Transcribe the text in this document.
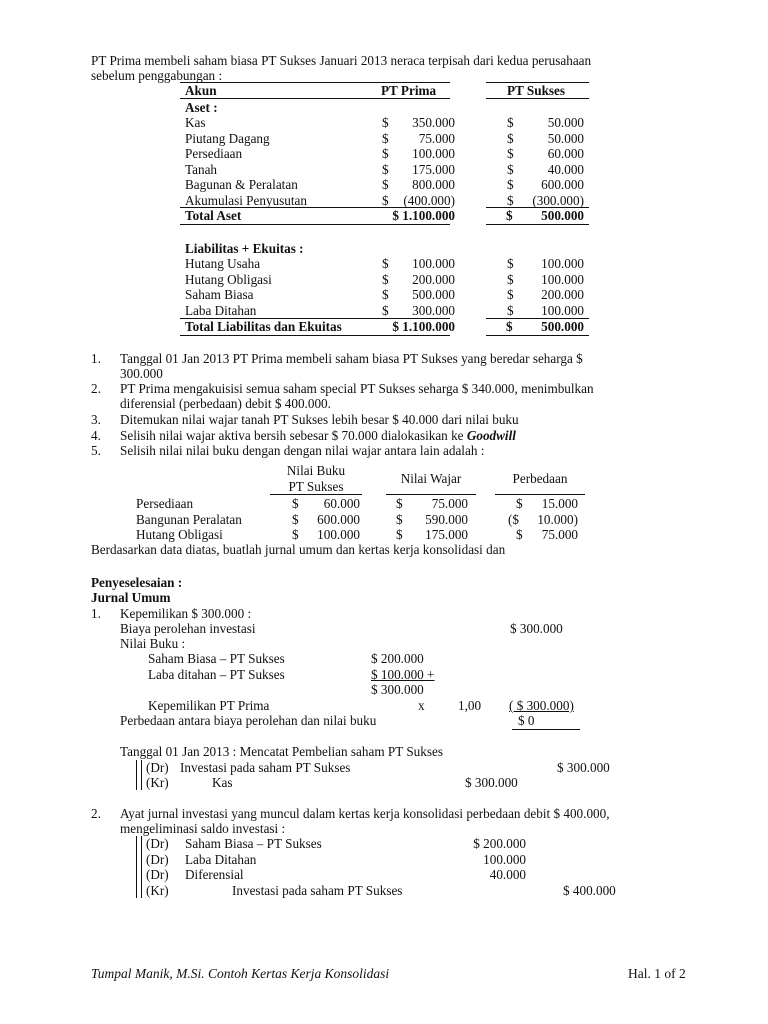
PT Prima membeli saham biasa PT Sukses Januari 2013 neraca terpisah dari kedua perusahaan
sebelum penggabungan :
Akun	PT Prima	PT Sukses
Aset :
Kas	$	350.000	$	50.000
Piutang Dagang	$	75.000	$	50.000
Persediaan	$	100.000	$	60.000
Tanah	$	175.000	$	40.000
Bagunan & Peralatan	$	800.000	$	600.000
Akumulasi Penyusutan	$	(400.000)	$	(300.000)
Total Aset	$ 1.100.000	$	500.000
Liabilitas + Ekuitas :
Hutang Usaha	$	100.000	$	100.000
Hutang Obligasi	$	200.000	$	100.000
Saham Biasa	$	500.000	$	200.000
Laba Ditahan	$	300.000	$	100.000
Total Liabilitas dan Ekuitas	$ 1.100.000	$	500.000
1. Tanggal 01 Jan 2013 PT Prima membeli saham biasa PT Sukses yang beredar seharga $
300.000
2. PT Prima mengakuisisi semua saham special PT Sukses seharga $ 340.000, menimbulkan
diferensial (perbedaan) debit $ 400.000.
3. Ditemukan nilai wajar tanah PT Sukses lebih besar $ 40.000 dari nilai buku
4. Selisih nilai wajar aktiva bersih sebesar $ 70.000 dialokasikan ke Goodwill
5. Selisih nilai nilai buku dengan dengan nilai wajar antara lain adalah :
Nilai Buku
PT Sukses
Nilai Wajar	Perbedaan
Persediaan	$	60.000	$	75.000	$	15.000
Bangunan Peralatan	$	600.000	$	590.000	($	10.000)
Hutang Obligasi	$	100.000	$	175.000	$	75.000
Berdasarkan data diatas, buatlah jurnal umum dan kertas kerja konsolidasi dan
Penyeselesaian :
Jurnal Umum
1. Kepemilikan $ 300.000 :
Biaya perolehan investasi	$ 300.000
Nilai Buku :
Saham Biasa – PT Sukses	$ 200.000
Laba ditahan – PT Sukses	$ 100.000 +
$ 300.000
Kepemilikan PT Prima	x	1,00 ( $ 300.000)
Perbedaan antara biaya perolehan dan nilai buku	$ 0
Tanggal 01 Jan 2013 : Mencatat Pembelian saham PT Sukses
(Dr) Investasi pada saham PT Sukses	$ 300.000
(Kr)	Kas	$ 300.000
2. Ayat jurnal investasi yang muncul dalam kertas kerja konsolidasi perbedaan debit $ 400.000,
mengeliminasi saldo investasi :
(Dr) Saham Biasa – PT Sukses	$ 200.000
(Dr) Laba Ditahan	100.000
(Dr) Diferensial	40.000
(Kr)	Investasi pada saham PT Sukses	$ 400.000
Tumpal Manik, M.Si. Contoh Kertas Kerja Konsolidasi	Hal. 1 of 2
